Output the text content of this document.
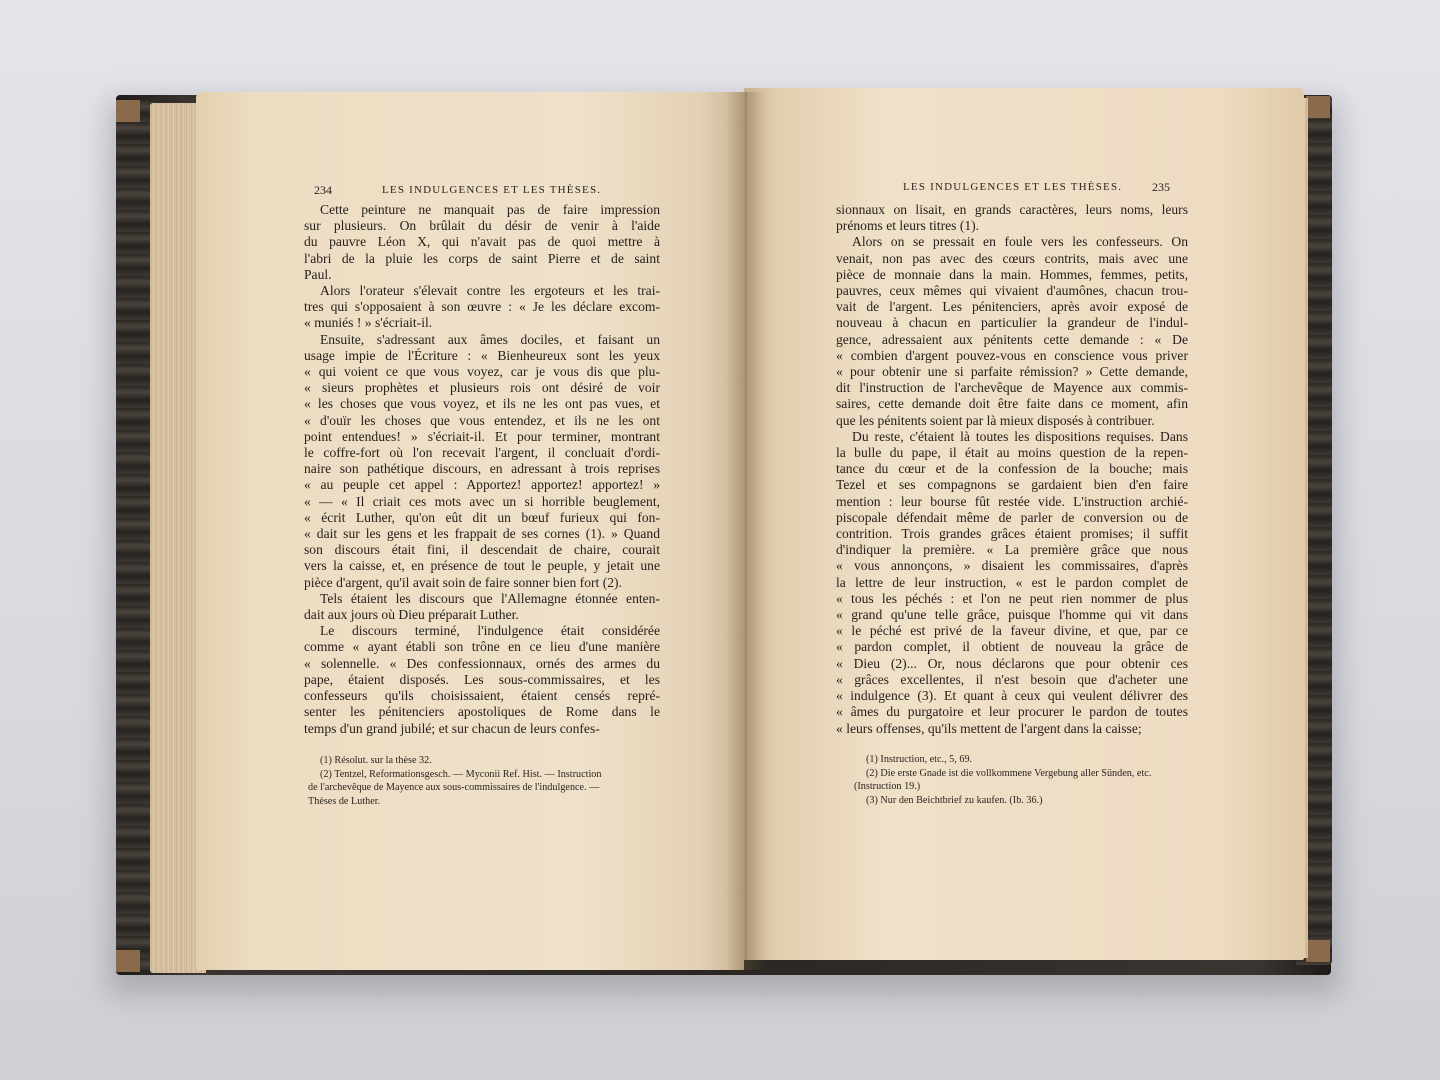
234	LES INDULGENCES ET LES THÈSES.
Cette peinture ne manquait pas de faire impression
sur plusieurs. On brûlait du désir de venir à l'aide
du pauvre Léon X, qui n'avait pas de quoi mettre à
l'abri de la pluie les corps de saint Pierre et de saint
Paul.
Alors l'orateur s'élevait contre les ergoteurs et les trai-
tres qui s'opposaient à son œuvre : « Je les déclare excom-
« muniés ! » s'écriait-il.
Ensuite, s'adressant aux âmes dociles, et faisant un
usage impie de l'Écriture : « Bienheureux sont les yeux
« qui voient ce que vous voyez, car je vous dis que plu-
« sieurs prophètes et plusieurs rois ont désiré de voir
« les choses que vous voyez, et ils ne les ont pas vues, et
« d'ouïr les choses que vous entendez, et ils ne les ont
point entendues! » s'écriait-il. Et pour terminer, montrant
le coffre-fort où l'on recevait l'argent, il concluait d'ordi-
naire son pathétique discours, en adressant à trois reprises
« au peuple cet appel : Apportez! apportez! apportez! »
« — « Il criait ces mots avec un si horrible beuglement,
« écrit Luther, qu'on eût dit un bœuf furieux qui fon-
« dait sur les gens et les frappait de ses cornes (1). » Quand
son discours était fini, il descendait de chaire, courait
vers la caisse, et, en présence de tout le peuple, y jetait une
pièce d'argent, qu'il avait soin de faire sonner bien fort (2).
Tels étaient les discours que l'Allemagne étonnée enten-
dait aux jours où Dieu préparait Luther.
Le discours terminé, l'indulgence était considérée
comme « ayant établi son trône en ce lieu d'une manière
« solennelle. « Des confessionnaux, ornés des armes du
pape, étaient disposés. Les sous-commissaires, et les
confesseurs qu'ils choisissaient, étaient censés repré-
senter les pénitenciers apostoliques de Rome dans le
temps d'un grand jubilé; et sur chacun de leurs confes-
(1) Résolut. sur la thèse 32.
(2) Tentzel, Reformationsgesch. — Myconii Ref. Hist. — Instruction
de l'archevêque de Mayence aux sous-commissaires de l'indulgence. —
Thèses de Luther.
LES INDULGENCES ET LES THÈSES. 235
sionnaux on lisait, en grands caractères, leurs noms, leurs
prénoms et leurs titres (1).
Alors on se pressait en foule vers les confesseurs. On
venait, non pas avec des cœurs contrits, mais avec une
pièce de monnaie dans la main. Hommes, femmes, petits,
pauvres, ceux mêmes qui vivaient d'aumônes, chacun trou-
vait de l'argent. Les pénitenciers, après avoir exposé de
nouveau à chacun en particulier la grandeur de l'indul-
gence, adressaient aux pénitents cette demande : « De
« combien d'argent pouvez-vous en conscience vous priver
« pour obtenir une si parfaite rémission? » Cette demande,
dit l'instruction de l'archevêque de Mayence aux commis-
saires, cette demande doit être faite dans ce moment, afin
que les pénitents soient par là mieux disposés à contribuer.
Du reste, c'étaient là toutes les dispositions requises. Dans
la bulle du pape, il était au moins question de la repen-
tance du cœur et de la confession de la bouche; mais
Tezel et ses compagnons se gardaient bien d'en faire
mention : leur bourse fût restée vide. L'instruction archié-
piscopale défendait même de parler de conversion ou de
contrition. Trois grandes grâces étaient promises; il suffit
d'indiquer la première. « La première grâce que nous
« vous annonçons, » disaient les commissaires, d'après
la lettre de leur instruction, « est le pardon complet de
« tous les péchés : et l'on ne peut rien nommer de plus
« grand qu'une telle grâce, puisque l'homme qui vit dans
« le péché est privé de la faveur divine, et que, par ce
« pardon complet, il obtient de nouveau la grâce de
« Dieu (2)... Or, nous déclarons que pour obtenir ces
« grâces excellentes, il n'est besoin que d'acheter une
« indulgence (3). Et quant à ceux qui veulent délivrer des
« âmes du purgatoire et leur procurer le pardon de toutes
« leurs offenses, qu'ils mettent de l'argent dans la caisse;
(1) Instruction, etc., 5, 69.
(2) Die erste Gnade ist die vollkommene Vergebung aller Sünden, etc.
(Instruction 19.)
(3) Nur den Beichtbrief zu kaufen. (Ib. 36.)
